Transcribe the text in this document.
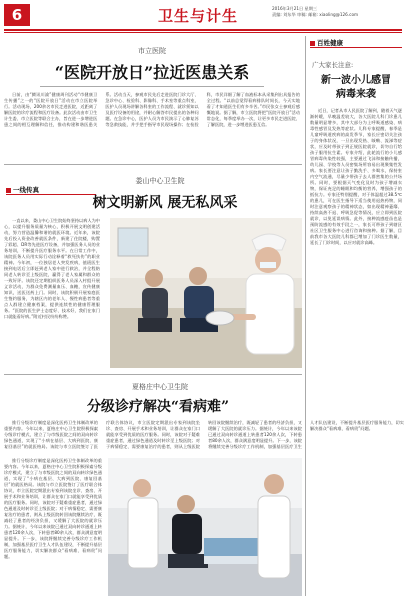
6	卫生与计生	2016年3月21日 星期三
责编: 刘东华 审稿: 邮箱: xiaoling@126.com
市立医院
“医院开放日”拉近医患关系

日前，由“腾讯川渝”健康周刊活动“市健康卫生传播”之一的“医院开放日”活动在市立医院举行。活动现场，200余名市民走进医院，近距离了解医院的诊疗流程和医疗设备。此次活动由市卫生计生委、市立医院等联合主办，旨在进一步增进医患之间的相互理解和信任，推动构建和谐医患关系。活动当天，参观市民先后走进医院门诊大厅、急诊中心、检验科、影像科、手术室等重点科室，医护人员现场讲解各科室的工作流程、就诊须知以及医疗设备的用途，并耐心解答市民提出的各种问题。在急诊中心，医护人员为市民演示了心肺复苏等急救技能，并手把手指导市民现场操作；在检验科，市民详细了解了血液标本从采集到出具报告的全过程。“以前总觉得看病排队时间长，今天实地看了才知道医生们有多辛苦。”市民张女士参观后感慨地说。据了解，市立医院将把“医院开放日”活动常态化，每季度举办一次，让更多市民走进医院、了解医院，进一步增进医患互信。

一线传真
娄山中心卫生院
树文明新风 展无私风采

一直以来，娄山中心卫生院始终坚持以病人为中心，以提升服务质量为核心，积极开展文明创建活动，努力营造温馨和谐的就医环境。近年来，该院先后投入资金改善就医条件，新建了住院楼，购置了彩超、DR等先进医疗设备，并加强医务人员的业务培训，不断提升医疗服务水平。在日常工作中，该院医务人员用实际行动诠释着“救死扶伤”的职业精神。今年初，一位独居老人突发疾病，值班医生接到电话后立即赶到老人家中进行救治，并全程陪同老人转诊至上级医院，赢得了老人家属和群众的一致好评。该院还定期组织医务人员深入村组开展义诊活动，为群众免费测量血压、血糖，宣传健康知识，送医送药上门。同时，该院积极开展家庭医生签约服务，为辖区内的老年人、慢性病患者等重点人群建立健康档案，提供连续性的健康管理服务。“医院的医生护士态度好、技术好，我们在家门口就能看好病。”附近村民纷纷称赞。

夏格庄中心卫生院
分级诊疗解决“看病难”

推行分级诊疗制度是深化医药卫生体制改革的重要内容。今年以来，夏格庄中心卫生院积极探索分级诊疗模式，建立了与市级医院之间的双向转诊绿色通道，实现了“小病在基层、大病到医院、康复回基层”的就医格局。该院与市立医院签订了医疗联合体协议，市立医院定期派出专家到该院坐诊、查房、开展手术和业务培训，让群众在家门口就能享受到优质的医疗服务。同时，该院对于疑难重症患者，通过绿色通道及时转诊至上级医院；对于病情稳定、需要康复治疗的患者，则从上级医院转回该院继续治疗，既减轻了患者的经济负担，又缓解了大医院的就诊压力。据统计，今年以来该院已通过双向转诊通道上转患者120余人次，下转患者80余人次，群众满意度明显提升。下一步，该院将继续完善分级诊疗工作机制，加强基层医疗卫生人才队伍建设，不断提升基层医疗服务能力，切实解决群众“看病难、看病贵”问题。

推行分级诊疗制度是深化医药卫生体制改革的重要内容。今年以来，夏格庄中心卫生院积极探索分级诊疗模式，建立了与市级医院之间的双向转诊绿色通道，实现了“小病在基层、大病到医院、康复回基层”的就医格局。该院与市立医院签订了医疗联合体协议，市立医院定期派出专家到该院坐诊、查房、开展手术和业务培训，让群众在家门口就能享受到优质的医疗服务。同时，该院对于疑难重症患者，通过绿色通道及时转诊至上级医院；对于病情稳定、需要康复治疗的患者，则从上级医院转回该院继续治疗，既减轻了患者的经济负担，又缓解了大医院的就诊压力。据统计，今年以来该院已通过双向转诊通道上转患者120余人次，下转患者80余人次，群众满意度明显提升。下一步，该院将继续完善分级诊疗工作机制，加强基层医疗卫生人才队伍建设，不断提升基层医疗服务能力，切实解决群众“看病难、看病贵”问题。

百姓健康
广大家长注意:
新一波小儿感冒
病毒来袭

近日，记者从市人民医院了解到，随着天气逐渐转暖，早晚温差较大，各大医院儿科门诊患儿数量明显增多，其中大部分为上呼吸道感染、病毒性感冒及发热等症状。儿科专家提醒，春季是儿童呼吸道疾病的高发季节，家长应密切关注孩子的身体状况，一旦出现发热、咳嗽、流涕等症状，应及时带孩子到正规医院就诊，切勿自行给孩子服用抗生素。专家介绍，此轮流行的小儿感冒病毒传染性较强，主要通过飞沫和接触传播，幼儿园、学校等人员密集场所容易出现聚集性发病。家长要注意让孩子勤洗手、多喝水，保持室内空气流通，尽量少带孩子去人群密集的公共场所。同时，要根据天气变化及时为孩子增减衣物，保证充足的睡眠和均衡的营养，增强孩子的抵抗力。专家还特别提醒，对于体温超过38.5℃的患儿，可在医生指导下适当使用退热药物，同时注意观察孩子的精神状态，如出现精神萎靡、持续高热不退、呼吸急促等情况，应立即到医院就诊，以免延误病情。此外，接种流感疫苗也是预防流感的有效手段之一，家长可带孩子到辖区社区卫生服务中心进行咨询和接种。据了解，目前我市各大医院儿科都已增加了门诊医生数量，延长了门诊时间，以应对就诊高峰。
